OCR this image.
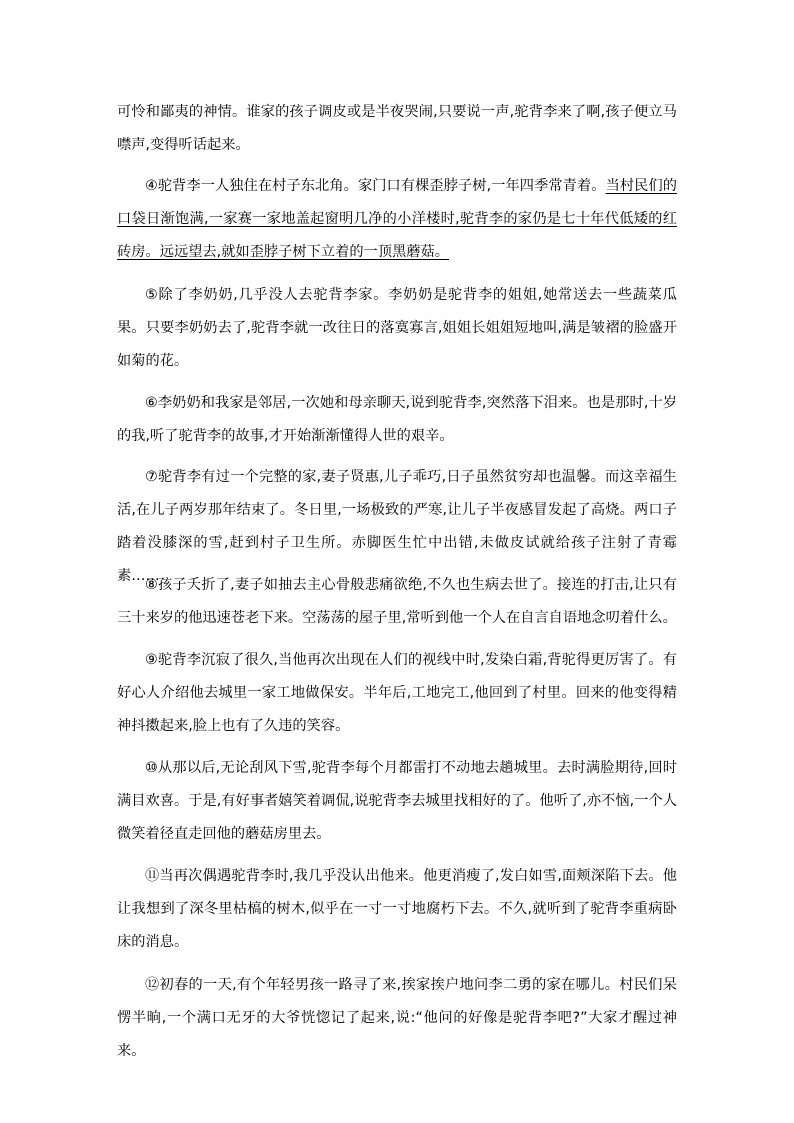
可怜和鄙夷的神情。谁家的孩子调皮或是半夜哭闹,只要说一声,驼背李来了啊,孩子便立马噤声,变得听话起来。

④驼背李一人独住在村子东北角。家门口有棵歪脖子树,一年四季常青着。当村民们的口袋日渐饱满,一家赛一家地盖起窗明几净的小洋楼时,驼背李的家仍是七十年代低矮的红砖房。远远望去,就如歪脖子树下立着的一顶黑蘑菇。

⑤除了李奶奶,几乎没人去驼背李家。李奶奶是驼背李的姐姐,她常送去一些蔬菜瓜果。只要李奶奶去了,驼背李就一改往日的落寞寡言,姐姐长姐姐短地叫,满是皱褶的脸盛开如菊的花。

⑥李奶奶和我家是邻居,一次她和母亲聊天,说到驼背李,突然落下泪来。也是那时,十岁的我,听了驼背李的故事,才开始渐渐懂得人世的艰辛。

⑦驼背李有过一个完整的家,妻子贤惠,儿子乖巧,日子虽然贫穷却也温馨。而这幸福生活,在儿子两岁那年结束了。冬日里,一场极致的严寒,让儿子半夜感冒发起了高烧。两口子踏着没膝深的雪,赶到村子卫生所。赤脚医生忙中出错,未做皮试就给孩子注射了青霉素……

⑧孩子夭折了,妻子如抽去主心骨般悲痛欲绝,不久也生病去世了。接连的打击,让只有三十来岁的他迅速苍老下来。空荡荡的屋子里,常听到他一个人在自言自语地念叨着什么。

⑨驼背李沉寂了很久,当他再次出现在人们的视线中时,发染白霜,背驼得更厉害了。有好心人介绍他去城里一家工地做保安。半年后,工地完工,他回到了村里。回来的他变得精神抖擞起来,脸上也有了久违的笑容。

⑩从那以后,无论刮风下雪,驼背李每个月都雷打不动地去趟城里。去时满脸期待,回时满目欢喜。于是,有好事者嬉笑着调侃,说驼背李去城里找相好的了。他听了,亦不恼,一个人微笑着径直走回他的蘑菇房里去。

⑪当再次偶遇驼背李时,我几乎没认出他来。他更消瘦了,发白如雪,面颊深陷下去。他让我想到了深冬里枯槁的树木,似乎在一寸一寸地腐朽下去。不久,就听到了驼背李重病卧床的消息。

⑫初春的一天,有个年轻男孩一路寻了来,挨家挨户地问李二勇的家在哪儿。村民们呆愣半晌,一个满口无牙的大爷恍惚记了起来,说:“他问的好像是驼背李吧?”大家才醒过神来。
